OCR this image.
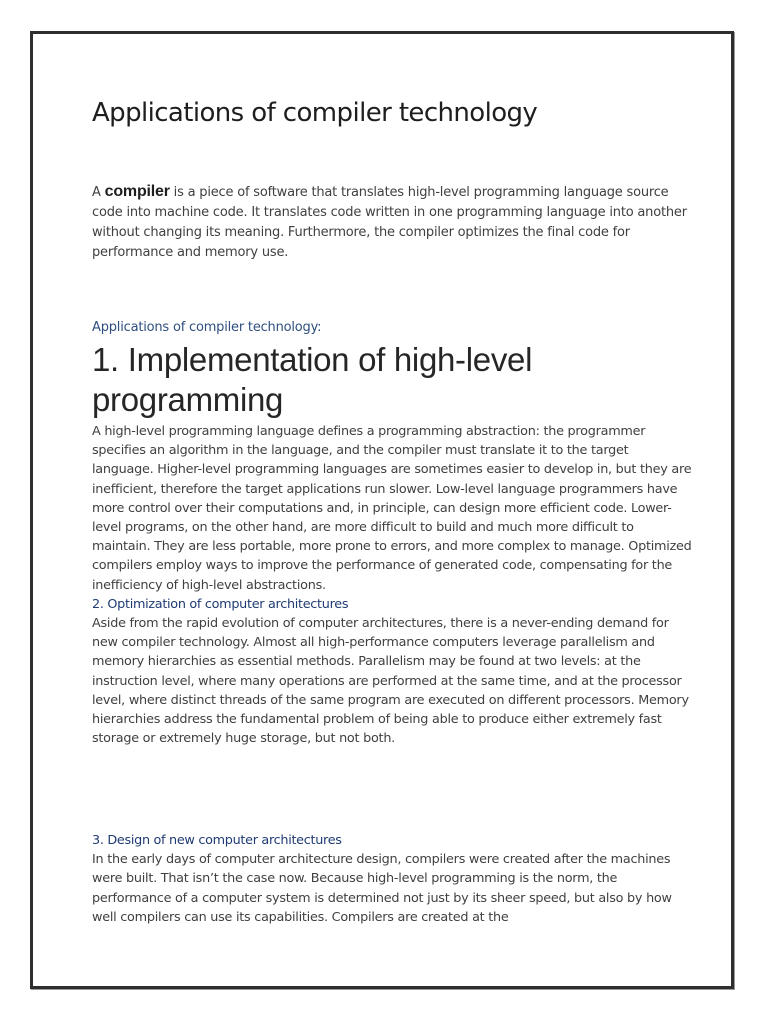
Applications of compiler technology

A compiler is a piece of software that translates high-level programming language source code into machine code. It translates code written in one programming language into another without changing its meaning. Furthermore, the compiler optimizes the final code for performance and memory use.

Applications of compiler technology:

1. Implementation of high-level programming

A high-level programming language defines a programming abstraction: the programmer specifies an algorithm in the language, and the compiler must translate it to the target language. Higher-level programming languages are sometimes easier to develop in, but they are inefficient, therefore the target applications run slower. Low-level language programmers have more control over their computations and, in principle, can design more efficient code. Lower-level programs, on the other hand, are more difficult to build and much more difficult to maintain. They are less portable, more prone to errors, and more complex to manage. Optimized compilers employ ways to improve the performance of generated code, compensating for the inefficiency of high-level abstractions.

2. Optimization of computer architectures

Aside from the rapid evolution of computer architectures, there is a never-ending demand for new compiler technology. Almost all high-performance computers leverage parallelism and memory hierarchies as essential methods. Parallelism may be found at two levels: at the instruction level, where many operations are performed at the same time, and at the processor level, where distinct threads of the same program are executed on different processors. Memory hierarchies address the fundamental problem of being able to produce either extremely fast storage or extremely huge storage, but not both.

3. Design of new computer architectures

In the early days of computer architecture design, compilers were created after the machines were built. That isn’t the case now. Because high-level programming is the norm, the performance of a computer system is determined not just by its sheer speed, but also by how well compilers can use its capabilities. Compilers are created at the
